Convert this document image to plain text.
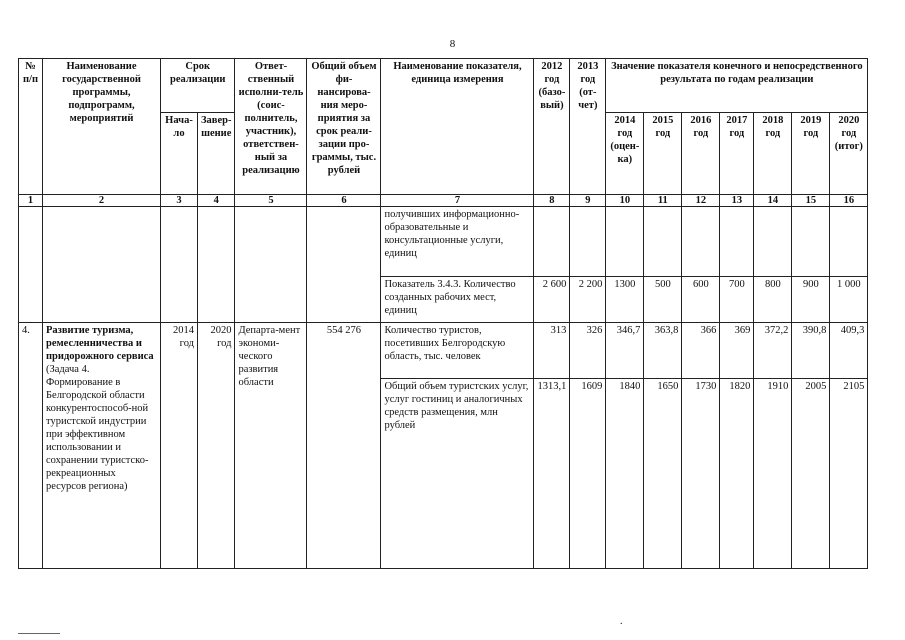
8
№ п/п	Наименование государственной программы, подпрограмм, мероприятий	Срок реализации		Ответ-ственный исполни-тель (соис-полнитель, участник), ответствен-ный за реализацию	Общий объем фи-нансирова-ния меро-приятия за срок реали-зации про-граммы, тыс. рублей	Наименование показателя, единица измерения	2012 год (базо-вый)	2013 год (от-чет)	Значение показателя конечного и непосредственного результата по годам реализации						
		Нача-ло	Завер-шение						2014 год (оцен-ка)	2015 год	2016 год	2017 год	2018 год	2019 год	2020 год (итог)
1	2	3	4	5	6	7	8	9	10	11	12	13	14	15	16
						получивших информационно-образовательные и консультационные услуги, единиц									
						Показатель 3.4.3. Количество созданных рабочих мест, единиц	2 600	2 200	1300	500	600	700	800	900	1 000
4.	Развитие туризма, ремесленничества и придорожного сервиса (Задача 4. Формирование в Белгородской области конкурентоспособ-ной туристской индустрии при эффективном использовании и сохранении туристско-рекреационных ресурсов региона)	2014 год	2020 год	Департа-мент экономи-ческого развития области	554 276	Количество туристов, посетивших Белгородскую область, тыс. человек	313	326	346,7	363,8	366	369	372,2	390,8	409,3
						Общий объем туристских услуг, услуг гостиниц и аналогичных средств размещения, млн рублей	1313,1	1609	1840	1650	1730	1820	1910	2005	2105
.
